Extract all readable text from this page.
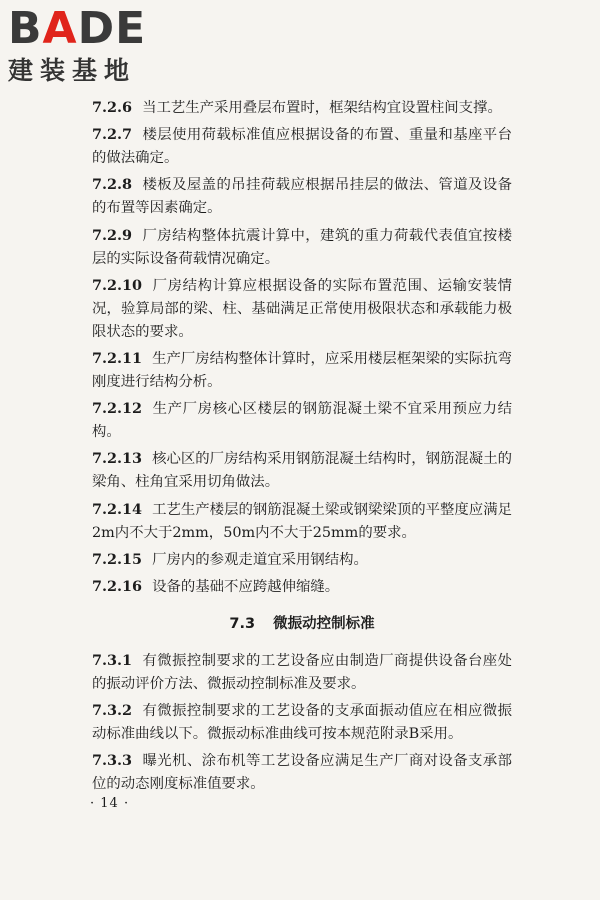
BADE
建装基地

7.2.6 当工艺生产采用叠层布置时，框架结构宜设置柱间支撑。

7.2.7 楼层使用荷载标准值应根据设备的布置、重量和基座平台的做法确定。

7.2.8 楼板及屋盖的吊挂荷载应根据吊挂层的做法、管道及设备的布置等因素确定。

7.2.9 厂房结构整体抗震计算中，建筑的重力荷载代表值宜按楼层的实际设备荷载情况确定。

7.2.10 厂房结构计算应根据设备的实际布置范围、运输安装情况，验算局部的梁、柱、基础满足正常使用极限状态和承载能力极限状态的要求。

7.2.11 生产厂房结构整体计算时，应采用楼层框架梁的实际抗弯刚度进行结构分析。

7.2.12 生产厂房核心区楼层的钢筋混凝土梁不宜采用预应力结构。

7.2.13 核心区的厂房结构采用钢筋混凝土结构时，钢筋混凝土的梁角、柱角宜采用切角做法。

7.2.14 工艺生产楼层的钢筋混凝土梁或钢梁梁顶的平整度应满足2m内不大于2mm，50m内不大于25mm的要求。

7.2.15 厂房内的参观走道宜采用钢结构。

7.2.16 设备的基础不应跨越伸缩缝。

7.3 微振动控制标准

7.3.1 有微振控制要求的工艺设备应由制造厂商提供设备台座处的振动评价方法、微振动控制标准及要求。

7.3.2 有微振控制要求的工艺设备的支承面振动值应在相应微振动标准曲线以下。微振动标准曲线可按本规范附录B采用。

7.3.3 曝光机、涂布机等工艺设备应满足生产厂商对设备支承部位的动态刚度标准值要求。

· 14 ·
